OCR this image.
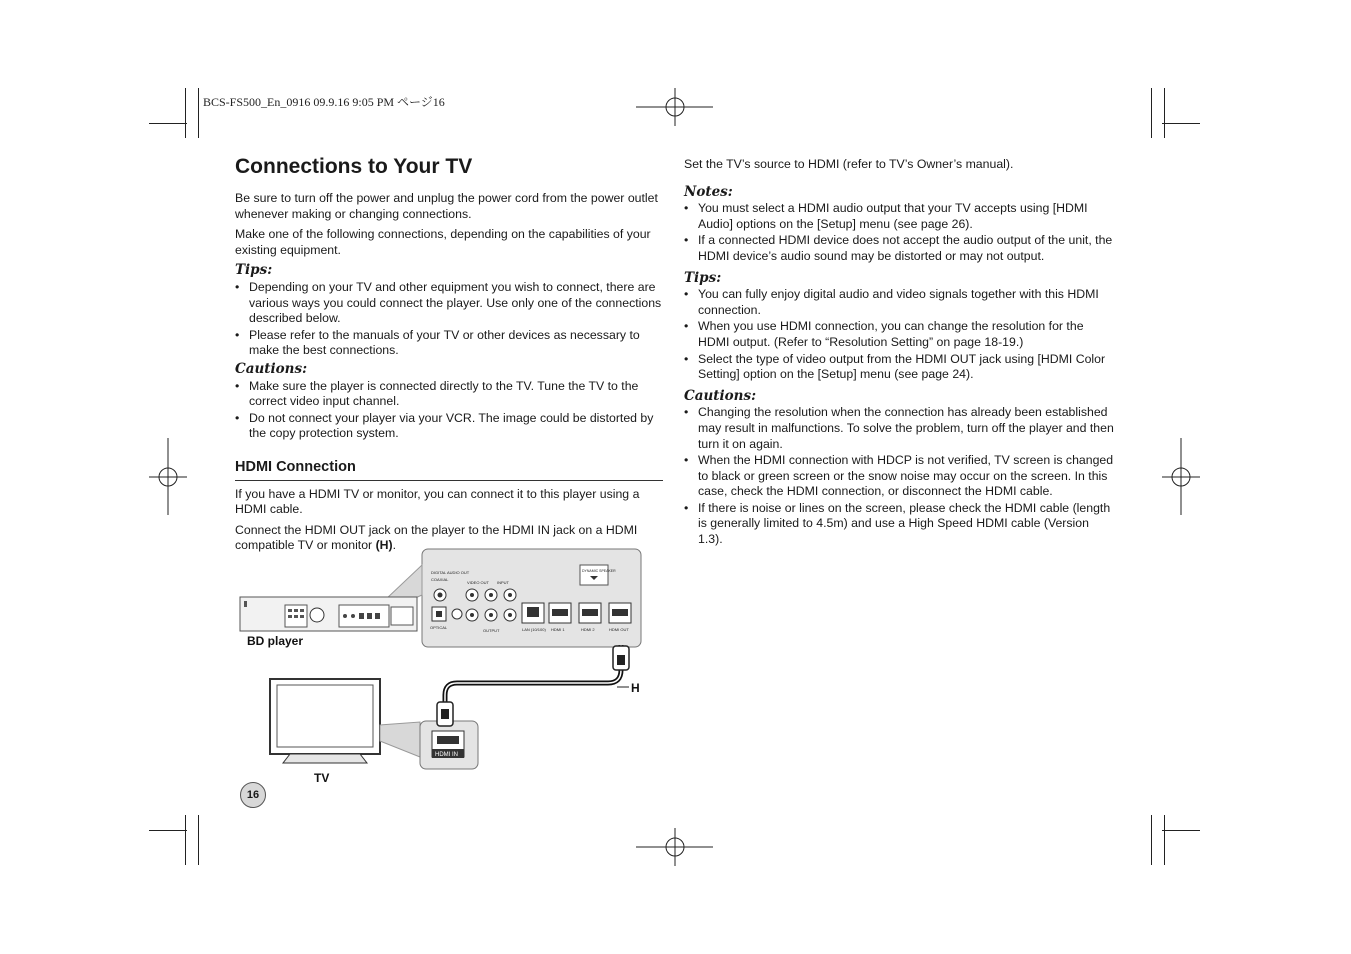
BCS-FS500_En_0916 09.9.16 9:05 PM ページ16
Connections to Your TV

Be sure to turn off the power and unplug the power cord from the power outlet whenever making or changing connections.

Make one of the following connections, depending on the capabilities of your existing equipment.

Tips:
• Depending on your TV and other equipment you wish to connect, there are various ways you could connect the player. Use only one of the connections described below.
• Please refer to the manuals of your TV or other devices as necessary to make the best connections.
Cautions:
• Make sure the player is connected directly to the TV. Tune the TV to the correct video input channel.
• Do not connect your player via your VCR. The image could be distorted by the copy protection system.
HDMI Connection

If you have a HDMI TV or monitor, you can connect it to this player using a HDMI cable.

Connect the HDMI OUT jack on the player to the HDMI IN jack on a HDMI compatible TV or monitor (H).

DIGITAL AUDIO OUT
COAXIAL
OPTICAL
VIDEO OUT INPUT
OUTPUT	LAN (10/100) HDMI 1	HDMI 2	HDMI OUT
DYNAMIC SPEAKER
BD player
H
TV
HDMI IN
16

Set the TV’s source to HDMI (refer to TV’s Owner’s manual).

Notes:
• You must select a HDMI audio output that your TV accepts using [HDMI Audio] options on the [Setup] menu (see page 26).
• If a connected HDMI device does not accept the audio output of the unit, the HDMI device’s audio sound may be distorted or may not output.
Tips:
• You can fully enjoy digital audio and video signals together with this HDMI connection.
• When you use HDMI connection, you can change the resolution for the HDMI output. (Refer to “Resolution Setting” on page 18-19.)
• Select the type of video output from the HDMI OUT jack using [HDMI Color Setting] option on the [Setup] menu (see page 24).
Cautions:
• Changing the resolution when the connection has already been established may result in malfunctions. To solve the problem, turn off the player and then turn it on again.
• When the HDMI connection with HDCP is not verified, TV screen is changed to black or green screen or the snow noise may occur on the screen. In this case, check the HDMI connection, or disconnect the HDMI cable.
• If there is noise or lines on the screen, please check the HDMI cable (length is generally limited to 4.5m) and use a High Speed HDMI cable (Version 1.3).
